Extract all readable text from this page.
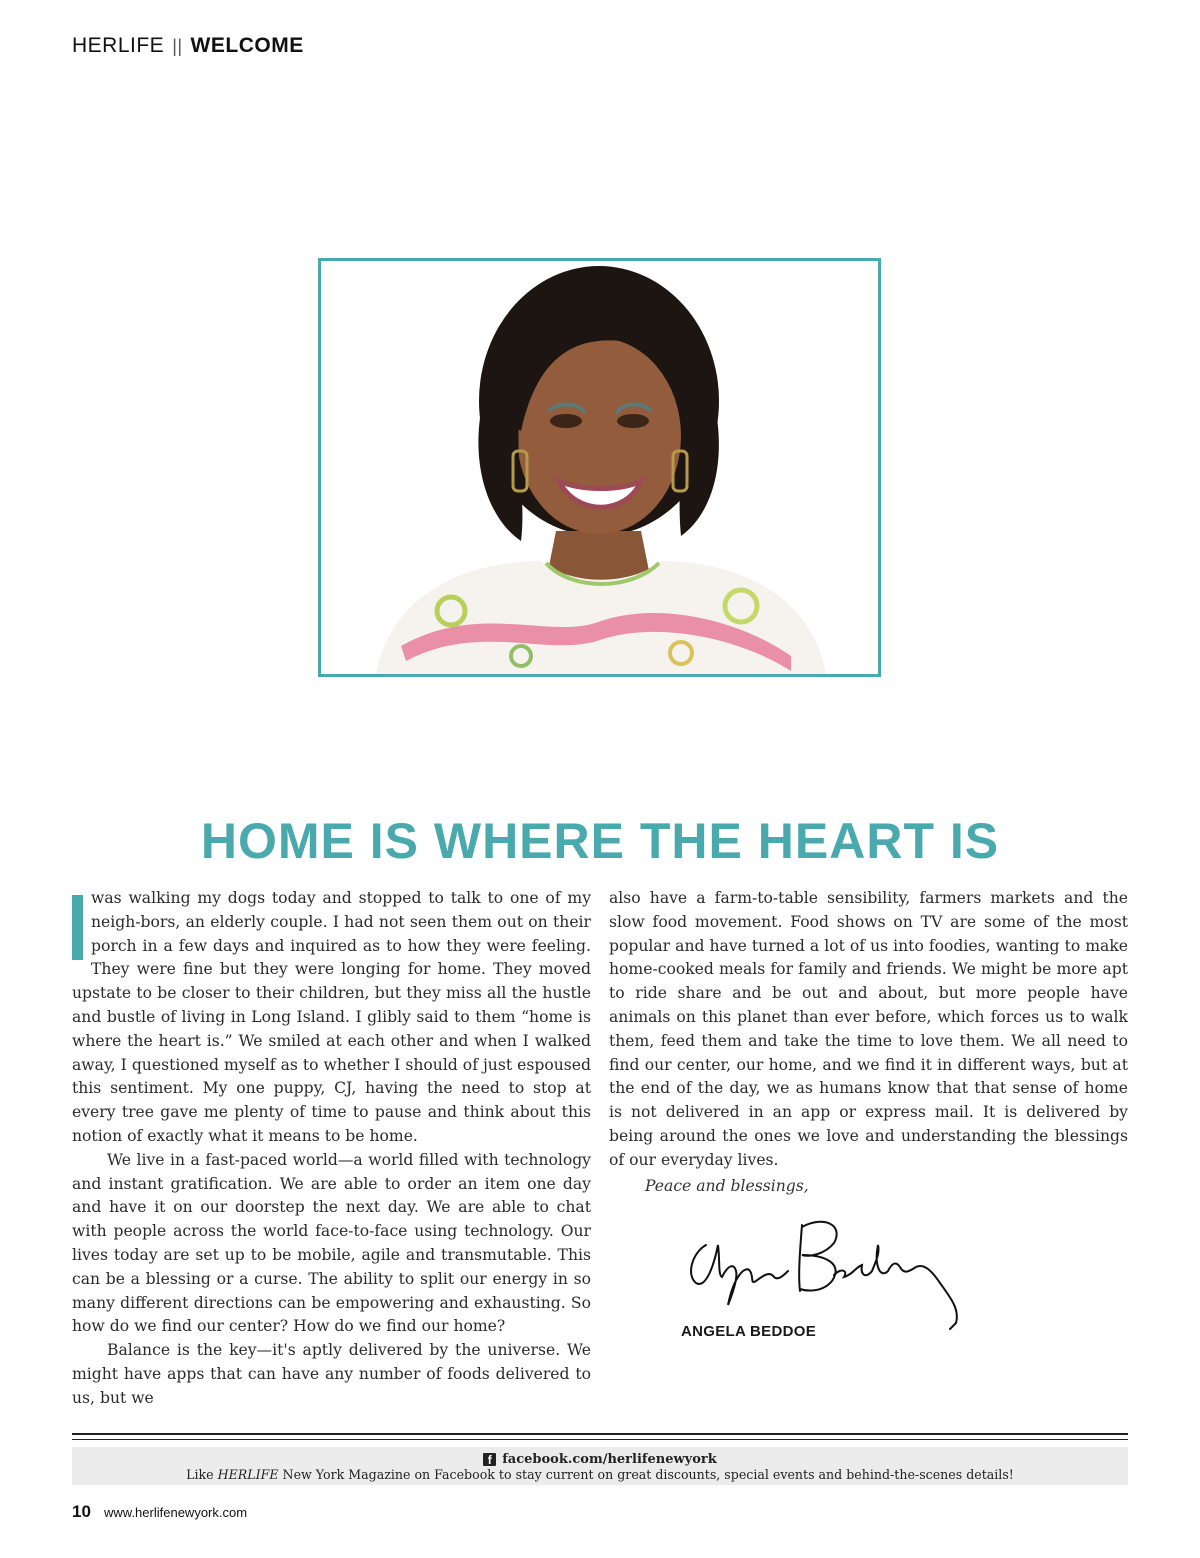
HERLIFE || WELCOME
HOME IS WHERE THE HEART IS

was walking my dogs today and stopped to talk to one of my neigh-bors, an elderly couple. I had not seen them out on their porch in a few days and inquired as to how they were feeling. They were fine but they were longing for home. They moved upstate to be closer to their children, but they miss all the hustle and bustle of living in Long Island. I glibly said to them “home is where the heart is.” We smiled at each other and when I walked away, I questioned myself as to whether I should of just espoused this sentiment. My one puppy, CJ, having the need to stop at every tree gave me plenty of time to pause and think about this notion of exactly what it means to be home.

We live in a fast-paced world—a world filled with technology and instant gratification. We are able to order an item one day and have it on our doorstep the next day. We are able to chat with people across the world face-to-face using technology. Our lives today are set up to be mobile, agile and transmutable. This can be a blessing or a curse. The ability to split our energy in so many different directions can be empowering and exhausting. So how do we find our center? How do we find our home?

Balance is the key—it's aptly delivered by the universe. We might have apps that can have any number of foods delivered to us, but we

also have a farm-to-table sensibility, farmers markets and the slow food movement. Food shows on TV are some of the most popular and have turned a lot of us into foodies, wanting to make home-cooked meals for family and friends. We might be more apt to ride share and be out and about, but more people have animals on this planet than ever before, which forces us to walk them, feed them and take the time to love them. We all need to find our center, our home, and we find it in different ways, but at the end of the day, we as humans know that that sense of home is not delivered in an app or express mail. It is delivered by being around the ones we love and understanding the blessings of our everyday lives.

Peace and blessings,
ANGELA BEDDOE
f facebook.com/herlifenewyork
Like HERLIFE New York Magazine on Facebook to stay current on great discounts, special events and behind-the-scenes details!
10 www.herlifenewyork.com
